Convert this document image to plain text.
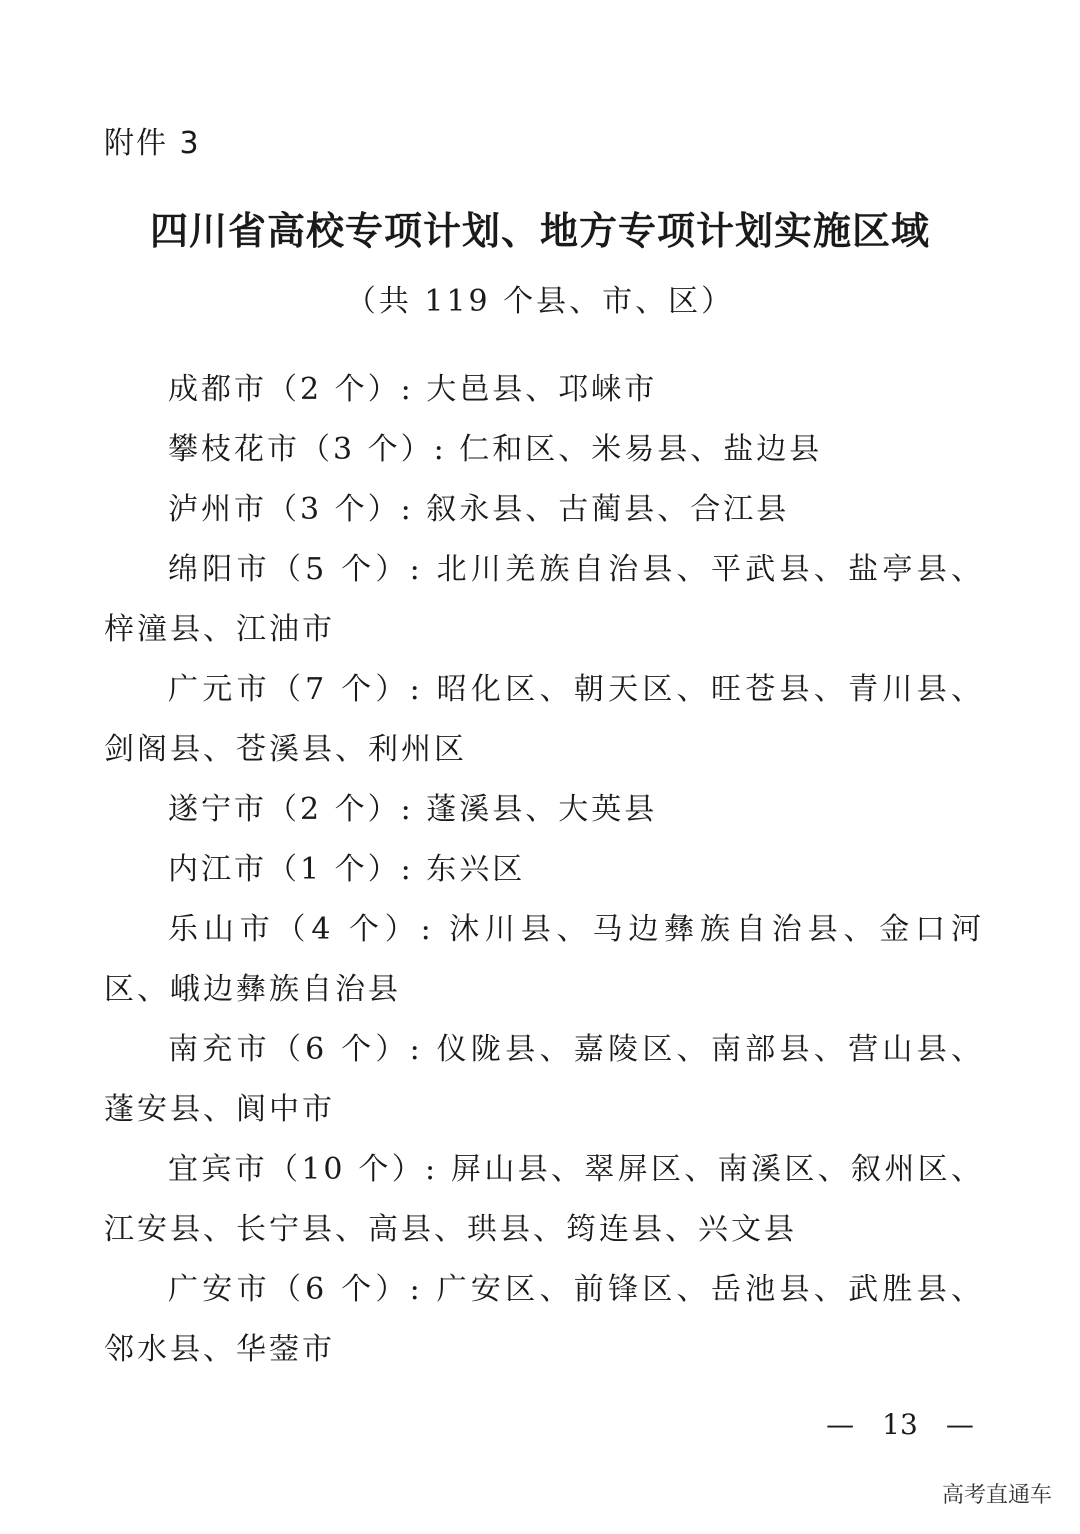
附件 3
四川省高校专项计划、地方专项计划实施区域
（共 119 个县、市、区）

成都市（2 个）: 大邑县、邛崃市

攀枝花市（3 个）: 仁和区、米易县、盐边县

泸州市（3 个）: 叙永县、古蔺县、合江县

绵阳市（5 个）: 北川羌族自治县、平武县、盐亭县、梓潼县、江油市

广元市（7 个）: 昭化区、朝天区、旺苍县、青川县、剑阁县、苍溪县、利州区

遂宁市（2 个）: 蓬溪县、大英县

内江市（1 个）: 东兴区

乐山市（4 个）: 沐川县、马边彝族自治县、金口河区、峨边彝族自治县

南充市（6 个）: 仪陇县、嘉陵区、南部县、营山县、蓬安县、阆中市

宜宾市（10 个）: 屏山县、翠屏区、南溪区、叙州区、江安县、长宁县、高县、珙县、筠连县、兴文县

广安市（6 个）: 广安区、前锋区、岳池县、武胜县、邻水县、华蓥市

— 13 —
高考直通车
